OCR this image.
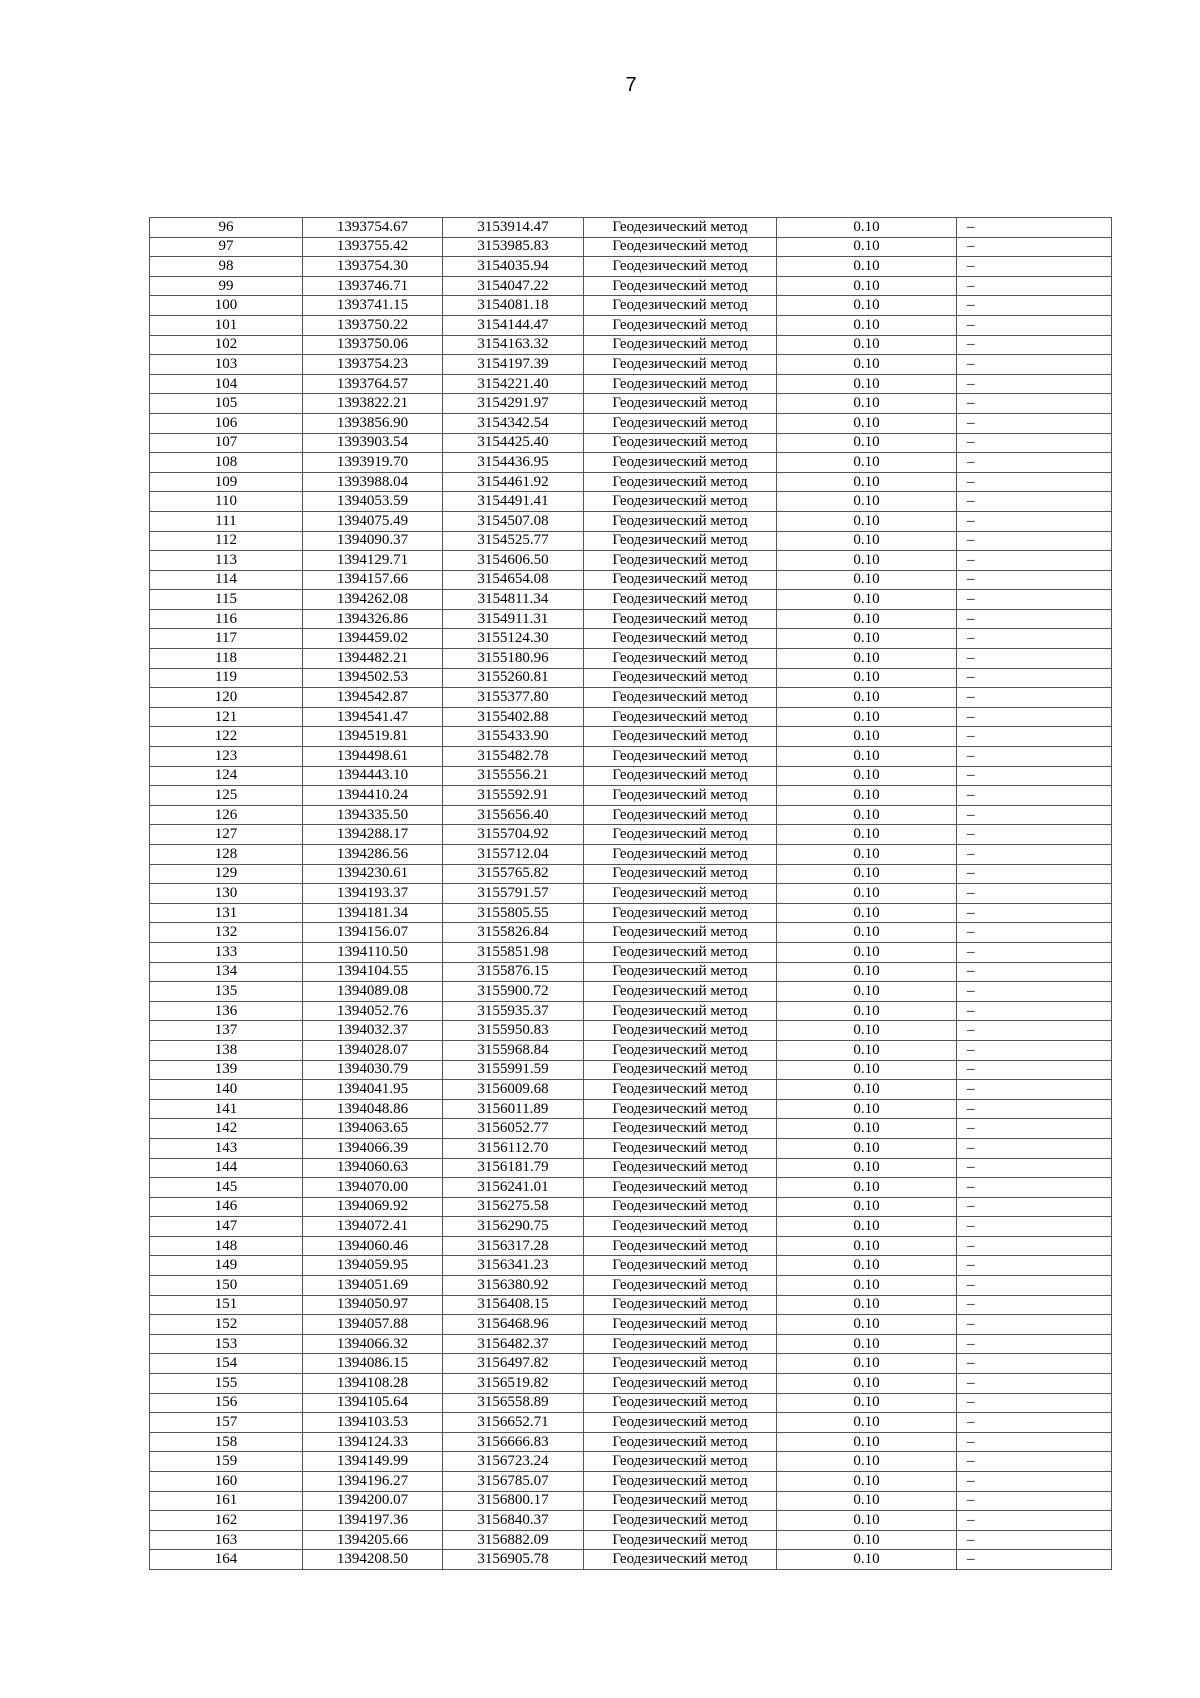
7
96	1393754.67	3153914.47	Геодезический метод	0.10	–
97	1393755.42	3153985.83	Геодезический метод	0.10	–
98	1393754.30	3154035.94	Геодезический метод	0.10	–
99	1393746.71	3154047.22	Геодезический метод	0.10	–
100	1393741.15	3154081.18	Геодезический метод	0.10	–
101	1393750.22	3154144.47	Геодезический метод	0.10	–
102	1393750.06	3154163.32	Геодезический метод	0.10	–
103	1393754.23	3154197.39	Геодезический метод	0.10	–
104	1393764.57	3154221.40	Геодезический метод	0.10	–
105	1393822.21	3154291.97	Геодезический метод	0.10	–
106	1393856.90	3154342.54	Геодезический метод	0.10	–
107	1393903.54	3154425.40	Геодезический метод	0.10	–
108	1393919.70	3154436.95	Геодезический метод	0.10	–
109	1393988.04	3154461.92	Геодезический метод	0.10	–
110	1394053.59	3154491.41	Геодезический метод	0.10	–
111	1394075.49	3154507.08	Геодезический метод	0.10	–
112	1394090.37	3154525.77	Геодезический метод	0.10	–
113	1394129.71	3154606.50	Геодезический метод	0.10	–
114	1394157.66	3154654.08	Геодезический метод	0.10	–
115	1394262.08	3154811.34	Геодезический метод	0.10	–
116	1394326.86	3154911.31	Геодезический метод	0.10	–
117	1394459.02	3155124.30	Геодезический метод	0.10	–
118	1394482.21	3155180.96	Геодезический метод	0.10	–
119	1394502.53	3155260.81	Геодезический метод	0.10	–
120	1394542.87	3155377.80	Геодезический метод	0.10	–
121	1394541.47	3155402.88	Геодезический метод	0.10	–
122	1394519.81	3155433.90	Геодезический метод	0.10	–
123	1394498.61	3155482.78	Геодезический метод	0.10	–
124	1394443.10	3155556.21	Геодезический метод	0.10	–
125	1394410.24	3155592.91	Геодезический метод	0.10	–
126	1394335.50	3155656.40	Геодезический метод	0.10	–
127	1394288.17	3155704.92	Геодезический метод	0.10	–
128	1394286.56	3155712.04	Геодезический метод	0.10	–
129	1394230.61	3155765.82	Геодезический метод	0.10	–
130	1394193.37	3155791.57	Геодезический метод	0.10	–
131	1394181.34	3155805.55	Геодезический метод	0.10	–
132	1394156.07	3155826.84	Геодезический метод	0.10	–
133	1394110.50	3155851.98	Геодезический метод	0.10	–
134	1394104.55	3155876.15	Геодезический метод	0.10	–
135	1394089.08	3155900.72	Геодезический метод	0.10	–
136	1394052.76	3155935.37	Геодезический метод	0.10	–
137	1394032.37	3155950.83	Геодезический метод	0.10	–
138	1394028.07	3155968.84	Геодезический метод	0.10	–
139	1394030.79	3155991.59	Геодезический метод	0.10	–
140	1394041.95	3156009.68	Геодезический метод	0.10	–
141	1394048.86	3156011.89	Геодезический метод	0.10	–
142	1394063.65	3156052.77	Геодезический метод	0.10	–
143	1394066.39	3156112.70	Геодезический метод	0.10	–
144	1394060.63	3156181.79	Геодезический метод	0.10	–
145	1394070.00	3156241.01	Геодезический метод	0.10	–
146	1394069.92	3156275.58	Геодезический метод	0.10	–
147	1394072.41	3156290.75	Геодезический метод	0.10	–
148	1394060.46	3156317.28	Геодезический метод	0.10	–
149	1394059.95	3156341.23	Геодезический метод	0.10	–
150	1394051.69	3156380.92	Геодезический метод	0.10	–
151	1394050.97	3156408.15	Геодезический метод	0.10	–
152	1394057.88	3156468.96	Геодезический метод	0.10	–
153	1394066.32	3156482.37	Геодезический метод	0.10	–
154	1394086.15	3156497.82	Геодезический метод	0.10	–
155	1394108.28	3156519.82	Геодезический метод	0.10	–
156	1394105.64	3156558.89	Геодезический метод	0.10	–
157	1394103.53	3156652.71	Геодезический метод	0.10	–
158	1394124.33	3156666.83	Геодезический метод	0.10	–
159	1394149.99	3156723.24	Геодезический метод	0.10	–
160	1394196.27	3156785.07	Геодезический метод	0.10	–
161	1394200.07	3156800.17	Геодезический метод	0.10	–
162	1394197.36	3156840.37	Геодезический метод	0.10	–
163	1394205.66	3156882.09	Геодезический метод	0.10	–
164	1394208.50	3156905.78	Геодезический метод	0.10	–
